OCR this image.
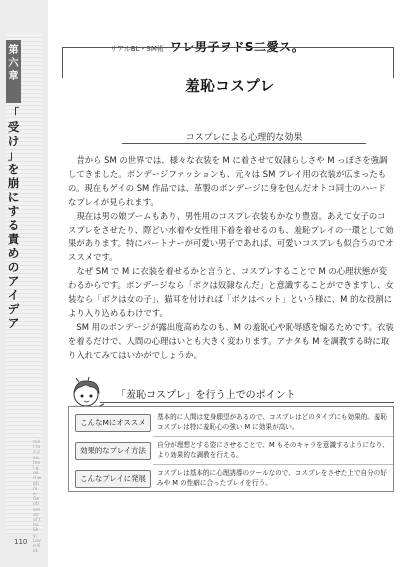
第
六
章
「
受
け
」
を
崩
に
す
る
責
め
の
ア
イ
デ
ア
null too you, feel good with me. Gentleman of the Sky, Love Kid.
110
リアルBL・SM術 ワレ男子ヲドS二愛ス。
羞恥コスプレ
コスプレによる心理的な効果

昔から SM の世界では、様々な衣装を M に着させて奴隷らしさや M っぽさを強調してきました。ボンデージファッションも、元々は SM プレイ用の衣装が広まったもの。現在もゲイの SM 作品では、革製のボンデージに身を包んだオトコ同士のハードなプレイが見られます。

現在は男の娘ブームもあり、男性用のコスプレ衣装もかなり豊富。あえて女子のコスプレをさせたり、際どい水着や女性用下着を着せるのも、羞恥プレイの一環として効果があります。特にパートナーが可愛い男子であれば、可愛いコスプレも似合うのでオススメです。

なぜ SM で M に衣装を着せるかと言うと、コスプレすることで M の心理状態が変わるからです。ボンデージなら「ボクは奴隷なんだ」と意識することができますし、女装なら「ボクは女の子」、猫耳を付ければ「ボクはペット」という様に、M 的な役割により入り込めるわけです。

SM 用のボンデージが露出度高めなのも、M の羞恥心や恥辱感を煽るためです。衣装を着るだけで、人間の心理はいとも大きく変わります。アナタも M を調教する時に取り入れてみてはいかがでしょうか。

「羞恥コスプレ」を行う上でのポイント
こんなMにオススメ
基本的に人間は変身願望があるので、コスプレはどのタイプにも効果的。羞恥コスプレは特に羞恥心の強い M に効果が高い。
効果的なプレイ方法
自分が理想とする姿にさせることで、M もそのキャラを意識するようになり、より効果的な調教を行える。
こんなプレイに発展
コスプレは基本的に心理誘導のツールなので、コスプレをさせた上で自分の好みや M の性癖に合ったプレイを行う。
